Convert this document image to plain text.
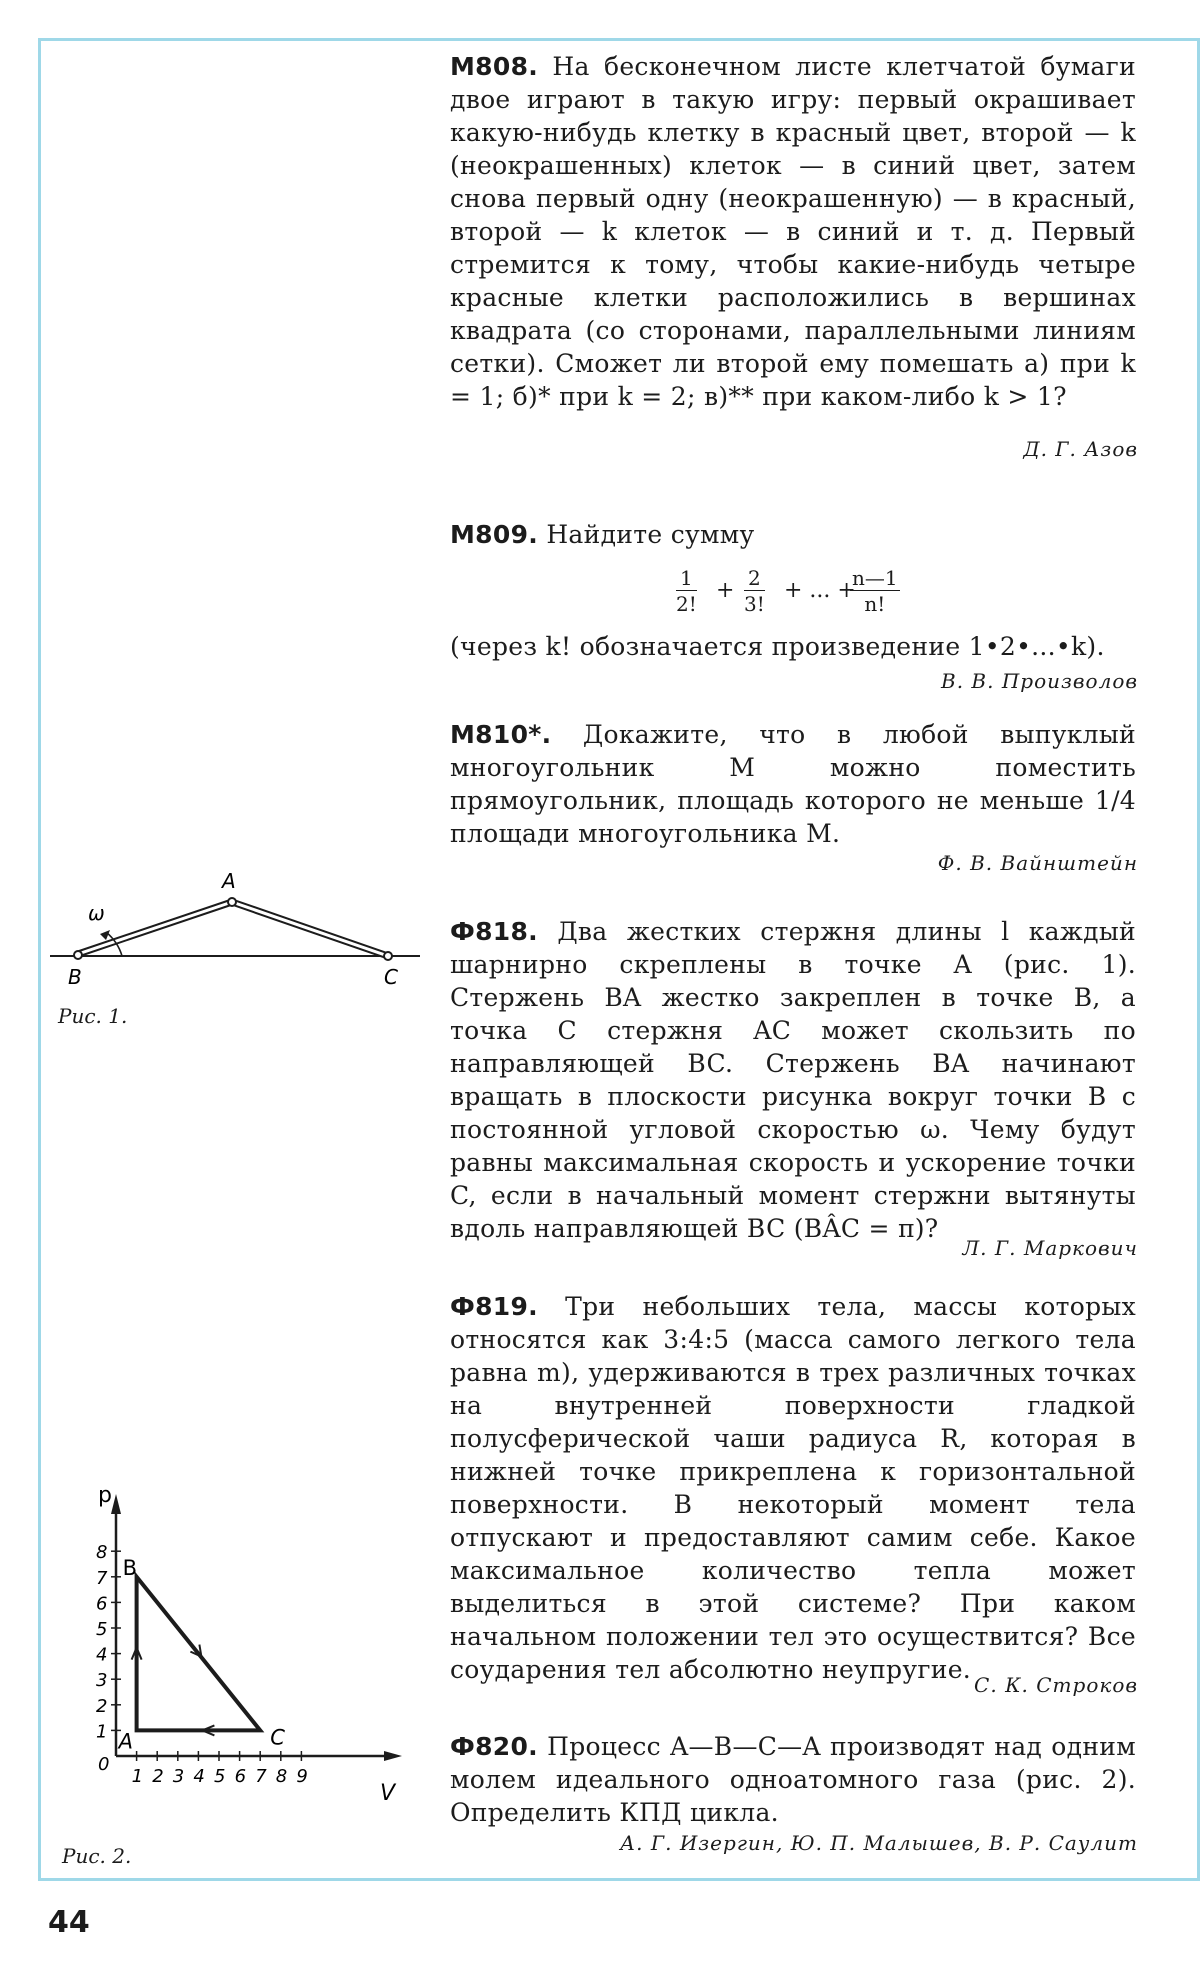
M808. На бесконечном листе клетчатой бумаги двое играют в такую игру: первый окрашивает какую-нибудь клетку в красный цвет, второй — k (неокрашенных) клеток — в синий цвет, затем снова первый одну (неокрашенную) — в красный, второй — k клеток — в синий и т. д. Первый стремится к тому, чтобы какие-нибудь четыре красные клетки расположились в вершинах квадрата (со сторонами, параллельными линиям сетки). Сможет ли второй ему помешать а) при k = 1; б)* при k = 2; в)** при каком-либо k > 1?

Д. Г. Азов

M809. Найдите сумму

$\frac{1}{2!} + \frac{2}{3!}$ + ... +
$\frac{n—1}{n!}$

(через k! обозначается произведение 1•2•...•k).

В. В. Произволов

M810*. Докажите, что в любой выпуклый многоугольник M можно поместить прямоугольник, площадь которого не меньше 1/4 площади многоугольника M.

Ф. В. Вайнштейн

Ф818. Два жестких стержня длины l каждый шарнирно скреплены в точке A (рис. 1). Стержень BA жестко закреплен в точке B, а точка C стержня AC может скользить по направляющей BC. Стержень BA начинают вращать в плоскости рисунка вокруг точки B с постоянной угловой скоростью ω. Чему будут равны максимальная скорость и ускорение точки C, если в начальный момент стержни вытянуты вдоль направляющей BC (BÂC = π)?

Л. Г. Маркович

Ф819. Три небольших тела, массы которых относятся как 3:4:5 (масса самого легкого тела равна m), удерживаются в трех различных точках на внутренней поверхности гладкой полусферической чаши радиуса R, которая в нижней точке прикреплена к горизонтальной поверхности. В некоторый момент тела отпускают и предоставляют самим себе. Какое максимальное количество тепла может выделиться в этой системе? При каком начальном положении тел это осуществится? Все соударения тел абсолютно неупругие.

С. К. Строков

Ф820. Процесс A—B—C—A производят над одним молем идеального одноатомного газа (рис. 2). Определить КПД цикла.

А. Г. Изергин, Ю. П. Малышев, В. Р. Саулит
ω
A
B	C
Рис. 1.
p
V
0
A
B
C
1
2
3
4
5
6
7
8
1 2 3 4 5 6 7 8 9
Рис. 2.
44
